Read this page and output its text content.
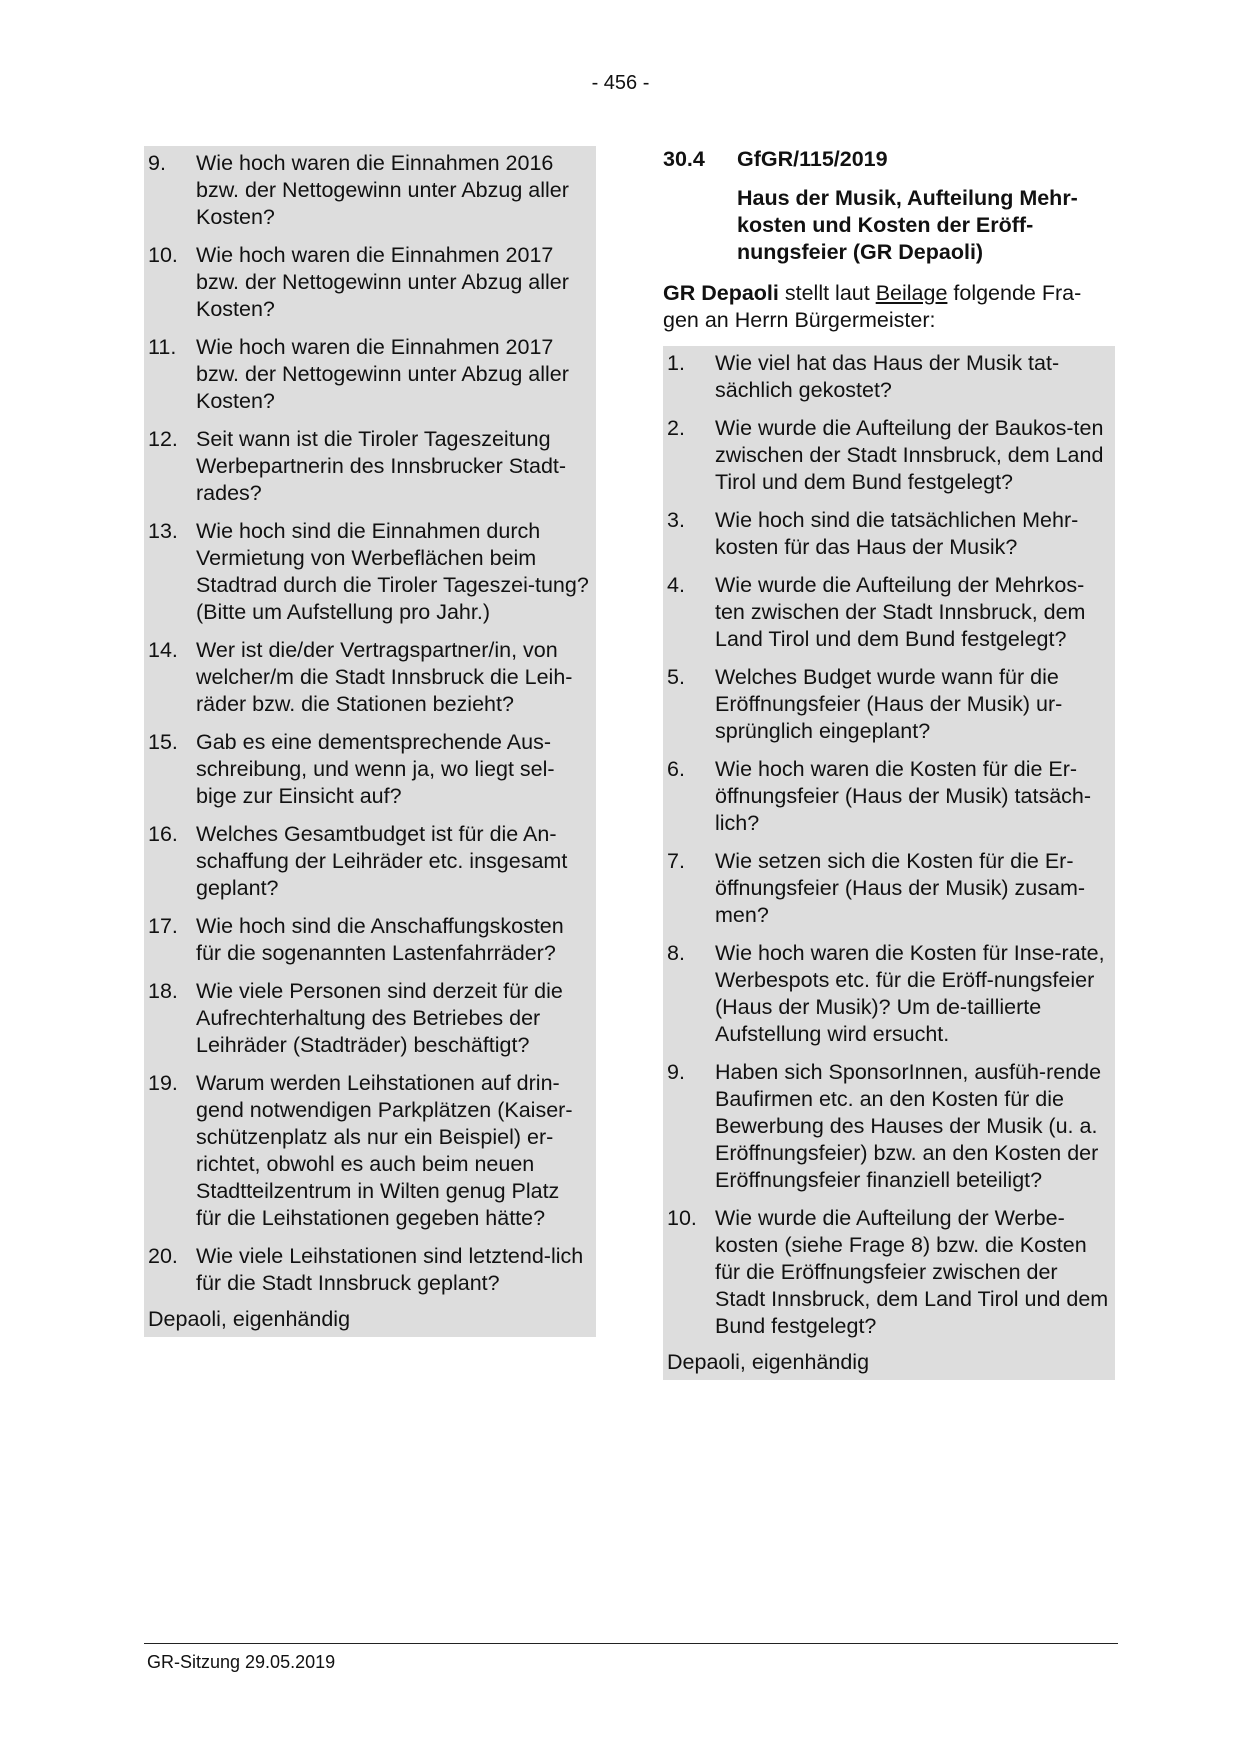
- 456 -
9.	Wie hoch waren die Einnahmen 2016 bzw. der Nettogewinn unter Abzug aller Kosten?
10. Wie hoch waren die Einnahmen 2017 bzw. der Nettogewinn unter Abzug aller Kosten?
11. Wie hoch waren die Einnahmen 2017 bzw. der Nettogewinn unter Abzug aller Kosten?
12. Seit wann ist die Tiroler Tageszeitung Werbepartnerin des Innsbrucker Stadt-rades?
13. Wie hoch sind die Einnahmen durch Vermietung von Werbeflächen beim Stadtrad durch die Tiroler Tageszei-tung? (Bitte um Aufstellung pro Jahr.)
14. Wer ist die/der Vertragspartner/in, von welcher/m die Stadt Innsbruck die Leih-räder bzw. die Stationen bezieht?
15. Gab es eine dementsprechende Aus-schreibung, und wenn ja, wo liegt sel-bige zur Einsicht auf?
16. Welches Gesamtbudget ist für die An-schaffung der Leihräder etc. insgesamt geplant?
17. Wie hoch sind die Anschaffungskosten für die sogenannten Lastenfahrräder?
18. Wie viele Personen sind derzeit für die Aufrechterhaltung des Betriebes der Leihräder (Stadträder) beschäftigt?
19. Warum werden Leihstationen auf drin-gend notwendigen Parkplätzen (Kaiser-schützenplatz als nur ein Beispiel) er-richtet, obwohl es auch beim neuen Stadtteilzentrum in Wilten genug Platz für die Leihstationen gegeben hätte?
20. Wie viele Leihstationen sind letztend-lich für die Stadt Innsbruck geplant?
Depaoli, eigenhändig
30.4	GfGR/115/2019
Haus der Musik, Aufteilung Mehr-kosten und Kosten der Eröff-nungsfeier (GR Depaoli)
GR Depaoli stellt laut Beilage folgende Fra-gen an Herrn Bürgermeister:
1.	Wie viel hat das Haus der Musik tat-sächlich gekostet?
2.	Wie wurde die Aufteilung der Baukos-ten zwischen der Stadt Innsbruck, dem Land Tirol und dem Bund festgelegt?
3.	Wie hoch sind die tatsächlichen Mehr-kosten für das Haus der Musik?
4.	Wie wurde die Aufteilung der Mehrkos-ten zwischen der Stadt Innsbruck, dem Land Tirol und dem Bund festgelegt?
5.	Welches Budget wurde wann für die Eröffnungsfeier (Haus der Musik) ur-sprünglich eingeplant?
6.	Wie hoch waren die Kosten für die Er-öffnungsfeier (Haus der Musik) tatsäch-lich?
7.	Wie setzen sich die Kosten für die Er-öffnungsfeier (Haus der Musik) zusam-men?
8.	Wie hoch waren die Kosten für Inse-rate, Werbespots etc. für die Eröff-nungsfeier (Haus der Musik)? Um de-taillierte Aufstellung wird ersucht.
9.	Haben sich SponsorInnen, ausfüh-rende Baufirmen etc. an den Kosten für die Bewerbung des Hauses der Musik (u. a. Eröffnungsfeier) bzw. an den Kosten der Eröffnungsfeier finanziell beteiligt?
10. Wie wurde die Aufteilung der Werbe-kosten (siehe Frage 8) bzw. die Kosten für die Eröffnungsfeier zwischen der Stadt Innsbruck, dem Land Tirol und dem Bund festgelegt?
Depaoli, eigenhändig
GR-Sitzung 29.05.2019
